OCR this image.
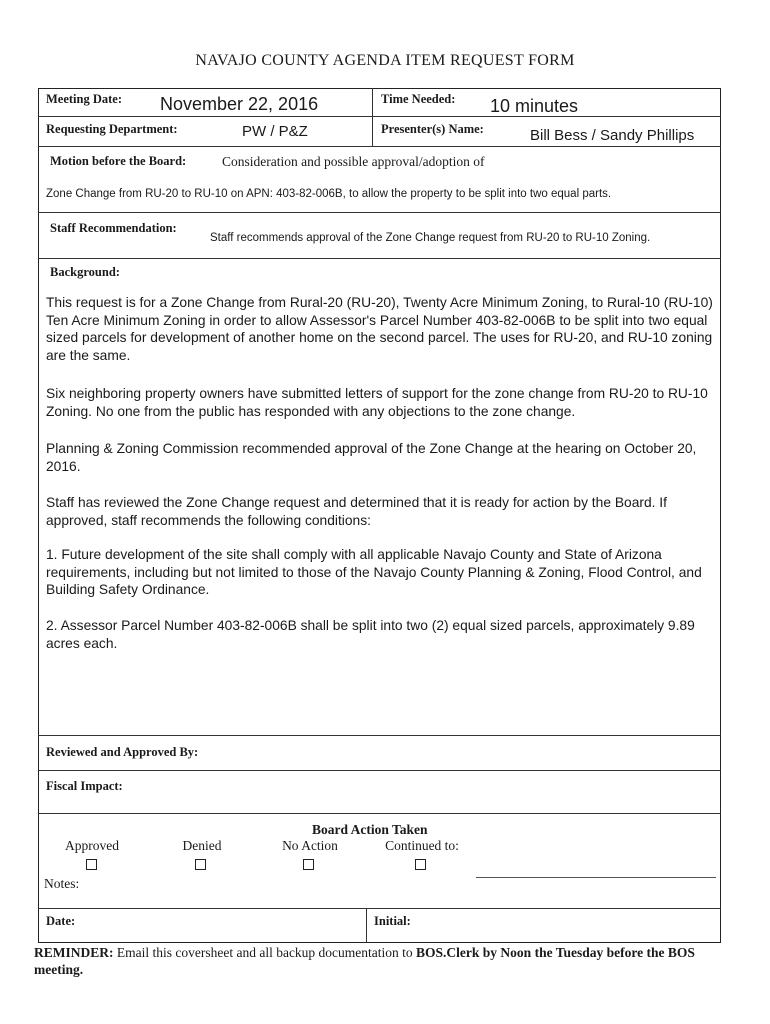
NAVAJO COUNTY AGENDA ITEM REQUEST FORM
Meeting Date: November 22, 2016	Time Needed: 10 minutes
Requesting Department:	PW / P&Z	Presenter(s) Name:	Bill Bess / Sandy Phillips
Motion before the Board:	Consideration and possible approval/adoption of
Zone Change from RU-20 to RU-10 on APN: 403-82-006B, to allow the property to be split into two equal parts.
Staff Recommendation:
Staff recommends approval of the Zone Change request from RU-20 to RU-10 Zoning.
Background:

This request is for a Zone Change from Rural-20 (RU-20), Twenty Acre Minimum Zoning, to Rural-10 (RU-10) Ten Acre Minimum Zoning in order to allow Assessor's Parcel Number 403-82-006B to be split into two equal sized parcels for development of another home on the second parcel. The uses for RU-20, and RU-10 zoning are the same.

Six neighboring property owners have submitted letters of support for the zone change from RU-20 to RU-10 Zoning. No one from the public has responded with any objections to the zone change.

Planning & Zoning Commission recommended approval of the Zone Change at the hearing on October 20, 2016.

Staff has reviewed the Zone Change request and determined that it is ready for action by the Board. If approved, staff recommends the following conditions:

1. Future development of the site shall comply with all applicable Navajo County and State of Arizona requirements, including but not limited to those of the Navajo County Planning & Zoning, Flood Control, and Building Safety Ordinance.

2. Assessor Parcel Number 403-82-006B shall be split into two (2) equal sized parcels, approximately 9.89 acres each.

Reviewed and Approved By:
Fiscal Impact:
Board Action Taken
Approved	Denied	No Action	Continued to:
Notes:
Date:	Initial:
REMINDER: Email this coversheet and all backup documentation to BOS.Clerk by Noon the Tuesday before the BOS meeting.
